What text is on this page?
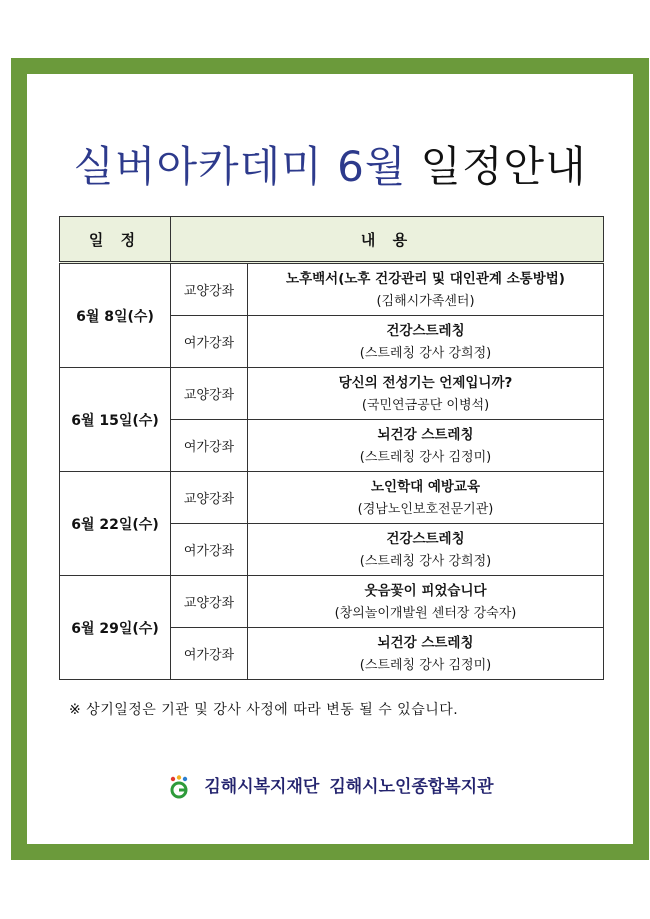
실버아카데미 6월 일정안내
일 정	내 용	
6월 8일(수)	교양강좌	노후백서(노후 건강관리 및 대인관계 소통방법)
(김해시가족센터)

	여가강좌	건강스트레칭
(스트레칭 강사 강희정)

6월 15일(수)	교양강좌	당신의 전성기는 언제입니까?
(국민연금공단 이병석)

	여가강좌	뇌건강 스트레칭
(스트레칭 강사 김정미)

6월 22일(수)	교양강좌	노인학대 예방교육
(경남노인보호전문기관)

	여가강좌	건강스트레칭
(스트레칭 강사 강희정)

6월 29일(수)	교양강좌	웃음꽃이 피었습니다
(창의놀이개발원 센터장 강숙자)

	여가강좌	뇌건강 스트레칭
(스트레칭 강사 김정미)
※ 상기일정은 기관 및 강사 사정에 따라 변동 될 수 있습니다.
김해시복지재단 김해시노인종합복지관
